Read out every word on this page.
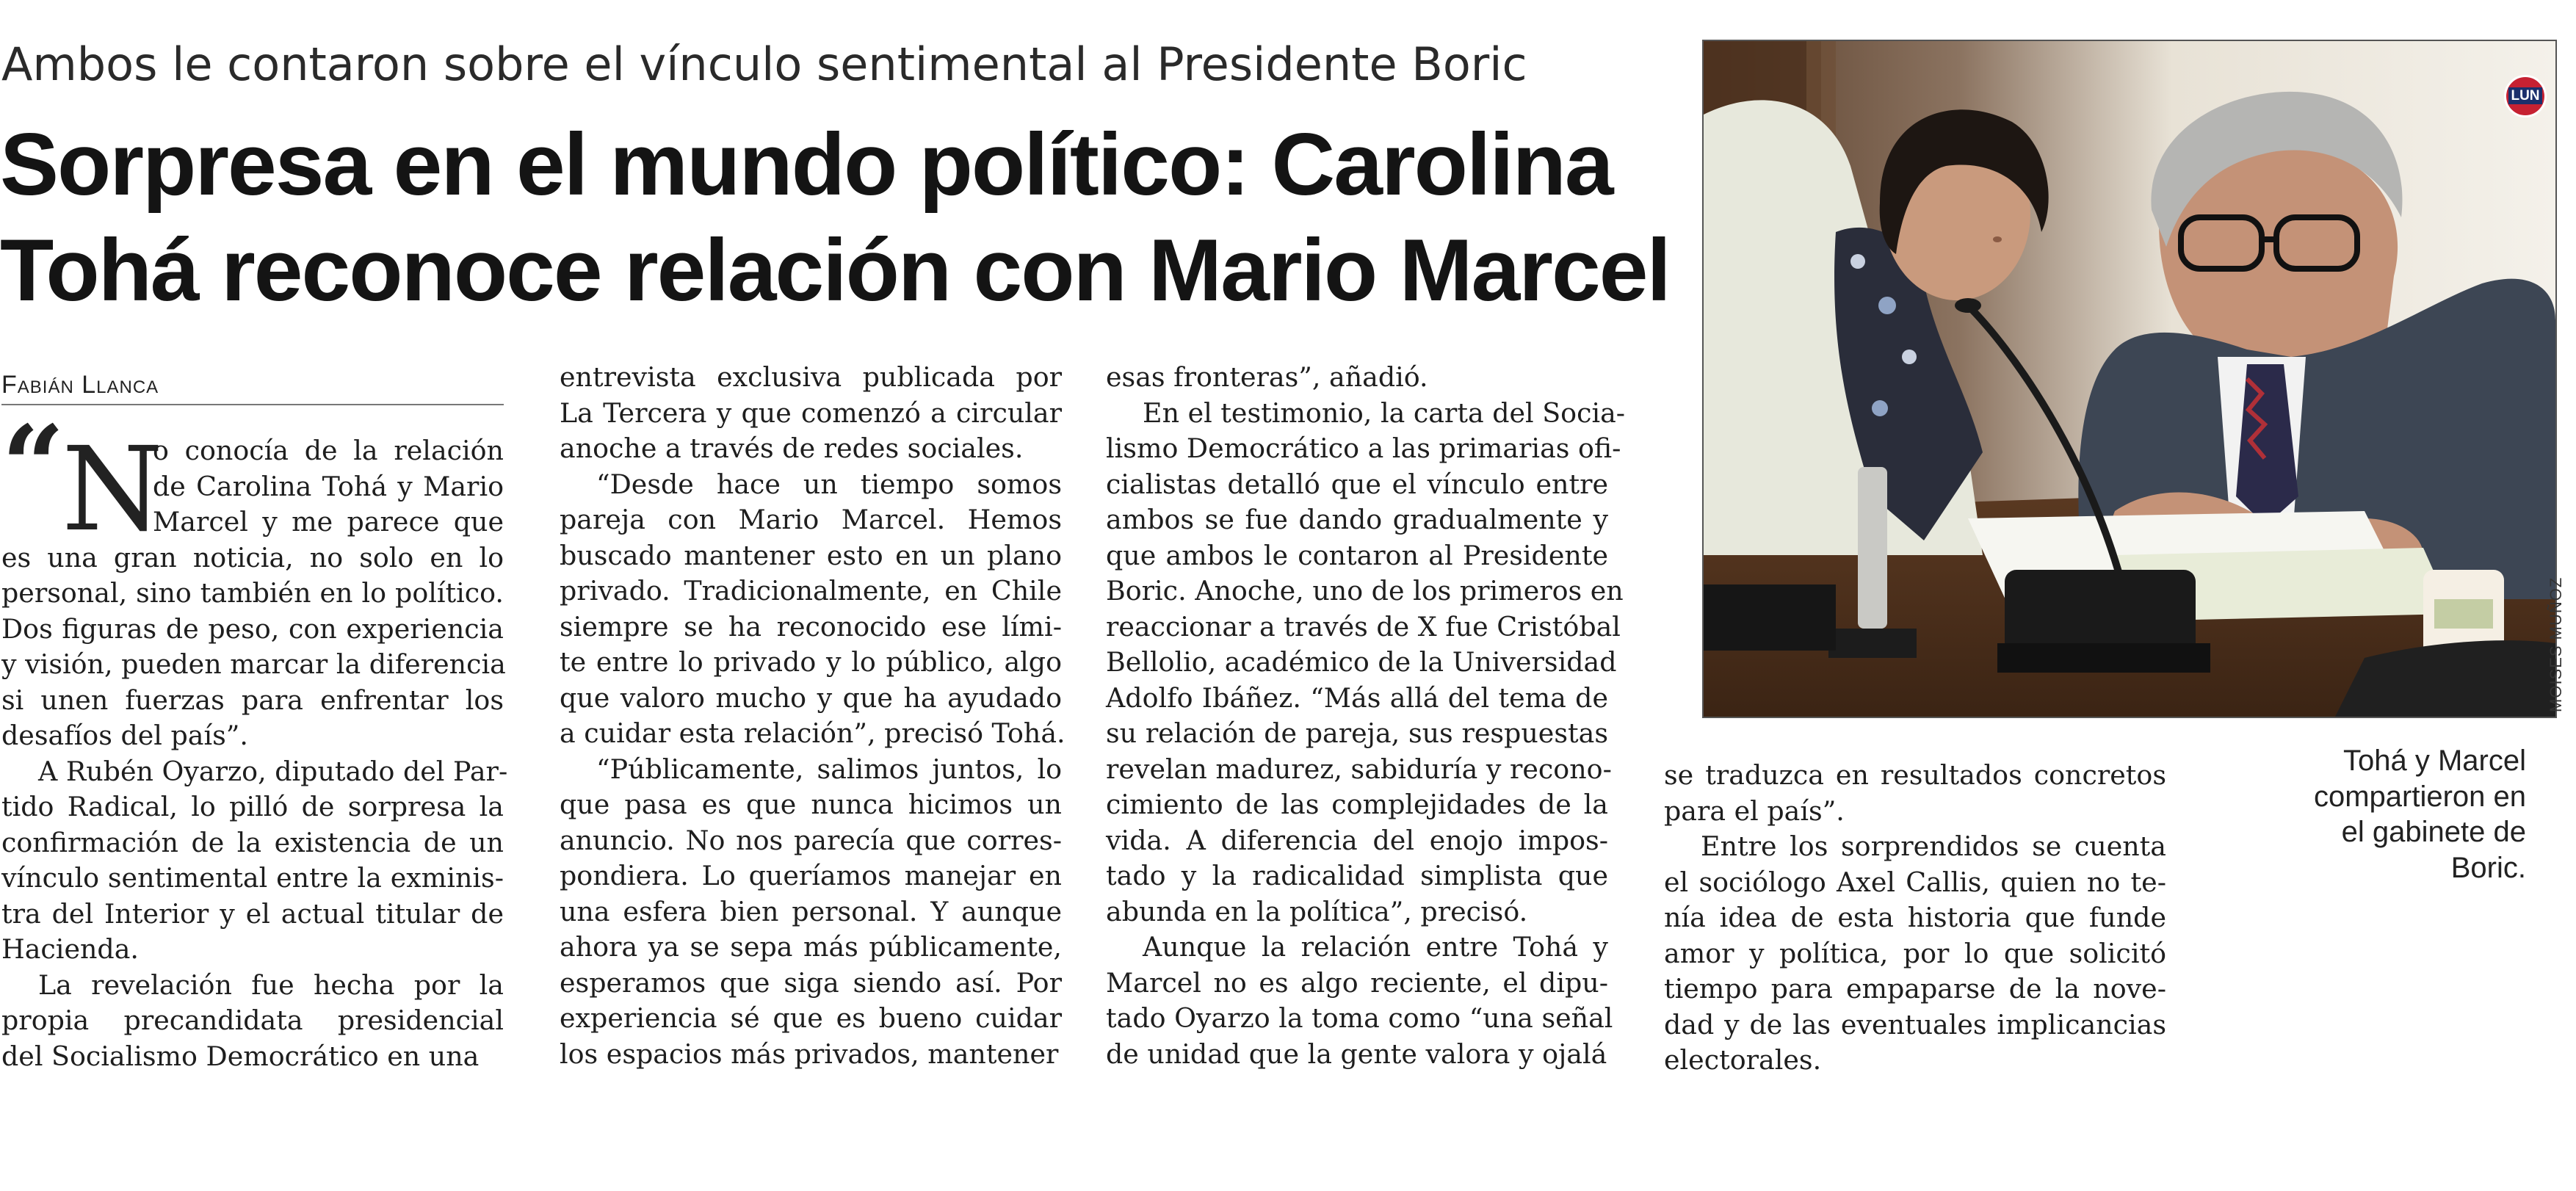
Ambos le contaron sobre el vínculo sentimental al Presidente Boric
Sorpresa en el mundo político: Carolina
Tohá reconoce relación con Mario Marcel
Fabián Llanca
“
N
o conocía de la relación
de Carolina Tohá y Mario
Marcel y me parece que
es una gran noticia, no solo en lo
personal, sino también en lo político.
Dos figuras de peso, con experiencia
y visión, pueden marcar la diferencia
si unen fuerzas para enfrentar los
desafíos del país”.
A Rubén Oyarzo, diputado del Par-
tido Radical, lo pilló de sorpresa la
confirmación de la existencia de un
vínculo sentimental entre la exminis-
tra del Interior y el actual titular de
Hacienda.
La revelación fue hecha por la
propia precandidata presidencial
del Socialismo Democrático en una
entrevista exclusiva publicada por
La Tercera y que comenzó a circular
anoche a través de redes sociales.
“Desde hace un tiempo somos
pareja con Mario Marcel. Hemos
buscado mantener esto en un plano
privado. Tradicionalmente, en Chile
siempre se ha reconocido ese lími-
te entre lo privado y lo público, algo
que valoro mucho y que ha ayudado
a cuidar esta relación”, precisó Tohá.
“Públicamente, salimos juntos, lo
que pasa es que nunca hicimos un
anuncio. No nos parecía que corres-
pondiera. Lo queríamos manejar en
una esfera bien personal. Y aunque
ahora ya se sepa más públicamente,
esperamos que siga siendo así. Por
experiencia sé que es bueno cuidar
los espacios más privados, mantener
esas fronteras”, añadió.
En el testimonio, la carta del Socia-
lismo Democrático a las primarias ofi-
cialistas detalló que el vínculo entre
ambos se fue dando gradualmente y
que ambos le contaron al Presidente
Boric. Anoche, uno de los primeros en
reaccionar a través de X fue Cristóbal
Bellolio, académico de la Universidad
Adolfo Ibáñez. “Más allá del tema de
su relación de pareja, sus respuestas
revelan madurez, sabiduría y recono-
cimiento de las complejidades de la
vida. A diferencia del enojo impos-
tado y la radicalidad simplista que
abunda en la política”, precisó.
Aunque la relación entre Tohá y
Marcel no es algo reciente, el dipu-
tado Oyarzo la toma como “una señal
de unidad que la gente valora y ojalá
se traduzca en resultados concretos
para el país”.
Entre los sorprendidos se cuenta
el sociólogo Axel Callis, quien no te-
nía idea de esta historia que funde
amor y política, por lo que solicitó
tiempo para empaparse de la nove-
dad y de las eventuales implicancias
electorales.
LUN
MOISES MUÑOZ
Tohá y Marcel
compartieron en
el gabinete de
Boric.
